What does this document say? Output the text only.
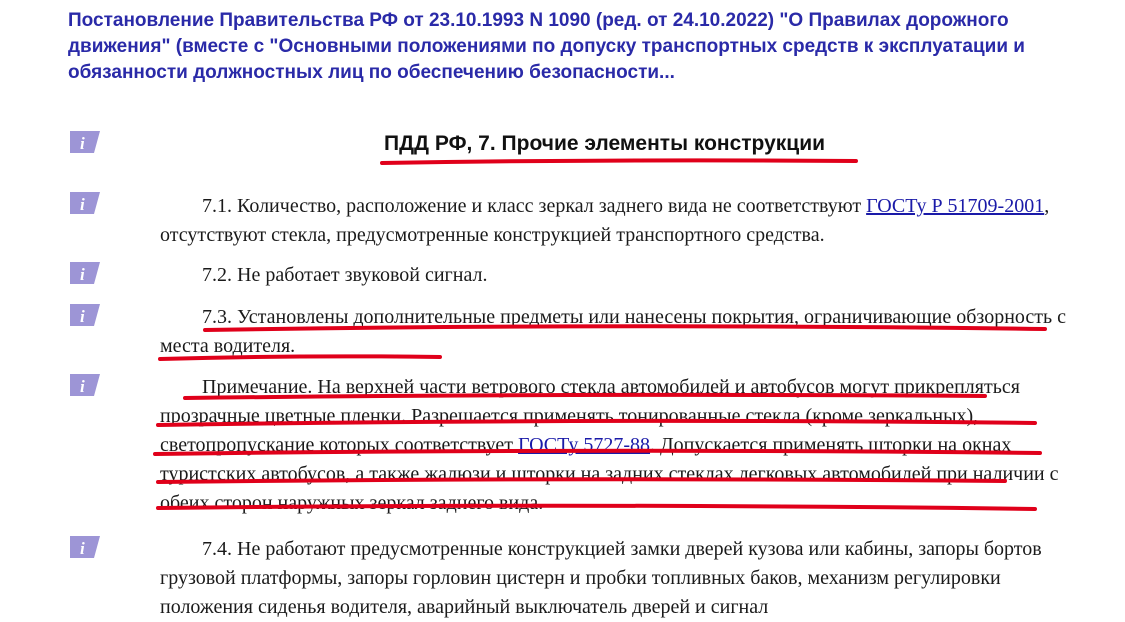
Постановление Правительства РФ от 23.10.1993 N 1090 (ред. от 24.10.2022) "О Правилах дорожного движения" (вместе с "Основными положениями по допуску транспортных средств к эксплуатации и обязанности должностных лиц по обеспечению безопасности...
i
i
i
i
i
i
ПДД РФ, 7. Прочие элементы конструкции

7.1. Количество, расположение и класс зеркал заднего вида не соответствуют ГОСТу Р 51709-2001, отсутствуют стекла, предусмотренные конструкцией транспортного средства.

7.2. Не работает звуковой сигнал.

7.3. Установлены дополнительные предметы или нанесены покрытия, ограничивающие обзорность с места водителя.

Примечание. На верхней части ветрового стекла автомобилей и автобусов могут прикрепляться прозрачные цветные пленки. Разрешается применять тонированные стекла (кроме зеркальных), светопропускание которых соответствует ГОСТу 5727-88. Допускается применять шторки на окнах туристских автобусов, а также жалюзи и шторки на задних стеклах легковых автомобилей при наличии с обеих сторон наружных зеркал заднего вида.

7.4. Не работают предусмотренные конструкцией замки дверей кузова или кабины, запоры бортов грузовой платформы, запоры горловин цистерн и пробки топливных баков, механизм регулировки положения сиденья водителя, аварийный выключатель дверей и сигнал
